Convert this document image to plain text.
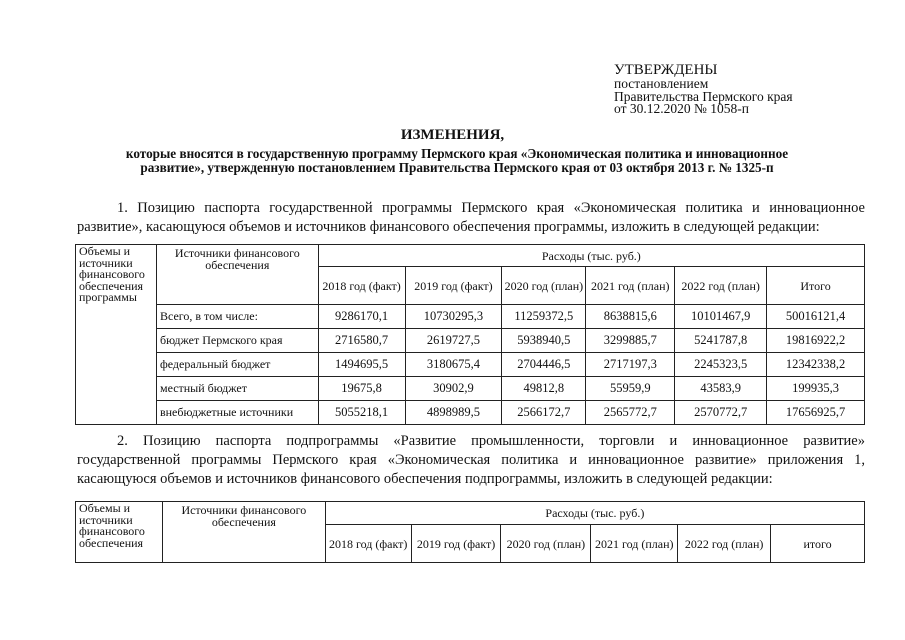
УТВЕРЖДЕНЫ
постановлением
Правительства Пермского края
от 30.12.2020 № 1058-п
ИЗМЕНЕНИЯ,
которые вносятся в государственную программу Пермского края «Экономическая политика и инновационное
развитие», утвержденную постановлением Правительства Пермского края от 03 октября 2013 г. № 1325-п
1. Позицию паспорта государственной программы Пермского края «Экономическая политика и инновационное
развитие», касающуюся объемов и источников финансового обеспечения программы, изложить в следующей редакции:
Объемы и источники финансового обеспечения программы	Источники финансового обеспечения	Расходы (тыс. руб.)					
		2018 год (факт)	2019 год (факт)	2020 год (план)	2021 год (план)	2022 год (план)	Итого
	Всего, в том числе:	9286170,1	10730295,3	11259372,5	8638815,6	10101467,9	50016121,4
	бюджет Пермского края	2716580,7	2619727,5	5938940,5	3299885,7	5241787,8	19816922,2
	федеральный бюджет	1494695,5	3180675,4	2704446,5	2717197,3	2245323,5	12342338,2
	местный бюджет	19675,8	30902,9	49812,8	55959,9	43583,9	199935,3
	внебюджетные источники	5055218,1	4898989,5	2566172,7	2565772,7	2570772,7	17656925,7
2. Позицию паспорта подпрограммы «Развитие промышленности, торговли и инновационное развитие»
государственной программы Пермского края «Экономическая политика и инновационное развитие» приложения 1,
касающуюся объемов и источников финансового обеспечения подпрограммы, изложить в следующей редакции:
Объемы и источники финансового обеспечения	Источники финансового обеспечения	Расходы (тыс. руб.)					
		2018 год (факт)	2019 год (факт)	2020 год (план)	2021 год (план)	2022 год (план)	итого
